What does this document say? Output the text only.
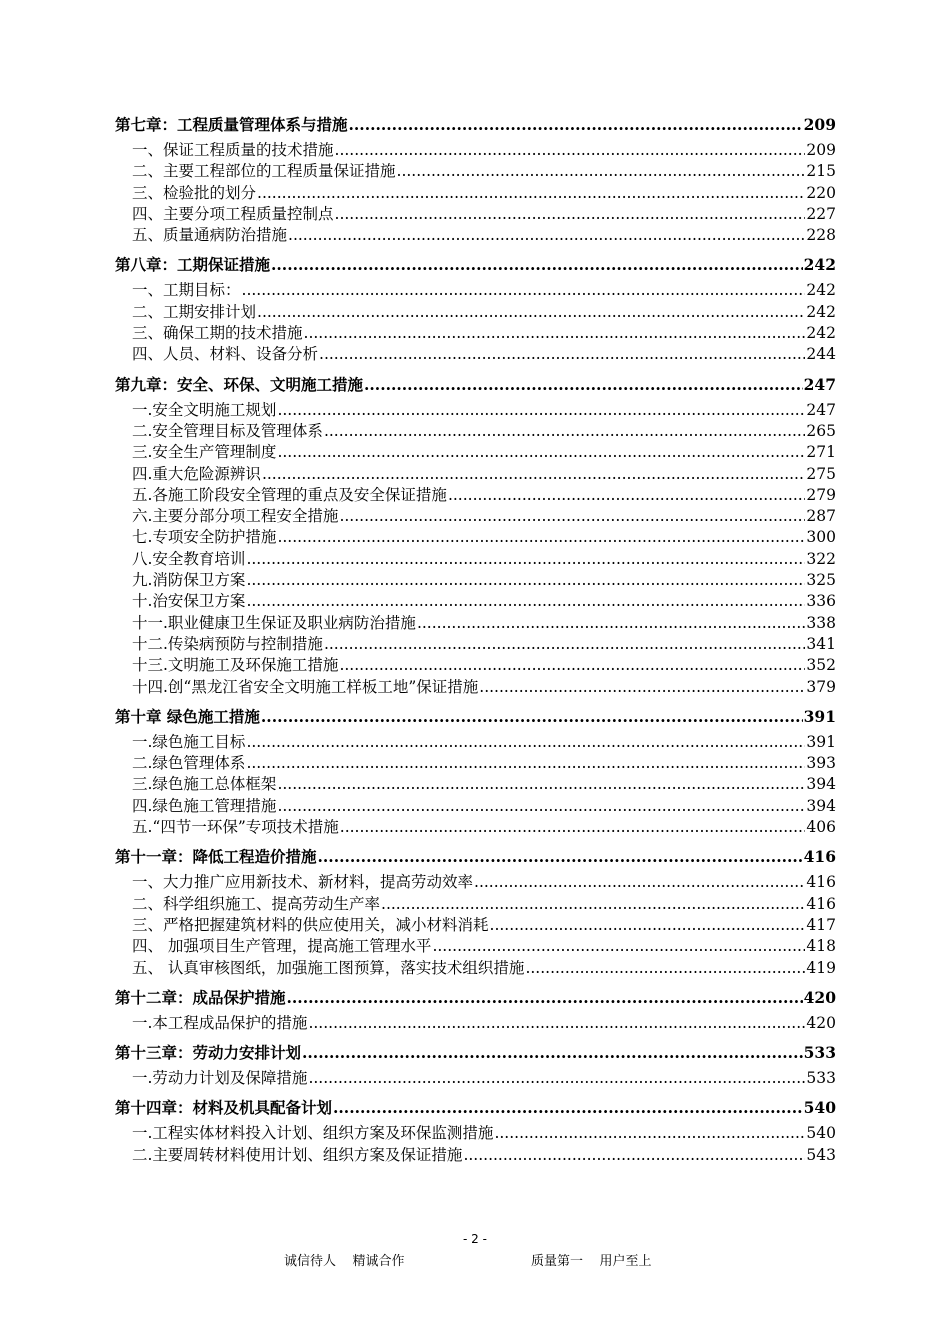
第七章：工程质量管理体系与措施 .....	209
一、保证工程质量的技术措施 .....	209
二、主要工程部位的工程质量保证措施 .....	215
三、检验批的划分 .....	220
四、主要分项工程质量控制点 .....	227
五、质量通病防治措施 .....	228
第八章：工期保证措施 .....	242
一、工期目标： .....	242
二、工期安排计划 .....	242
三、确保工期的技术措施 .....	242
四、人员、材料、设备分析 .....	244
第九章：安全、环保、文明施工措施 .....	247
一.安全文明施工规划 .....	247
二.安全管理目标及管理体系 .....	265
三.安全生产管理制度 .....	271
四.重大危险源辨识 .....	275
五.各施工阶段安全管理的重点及安全保证措施 .....	279
六.主要分部分项工程安全措施 .....	287
七.专项安全防护措施 .....	300
八.安全教育培训 .....	322
九.消防保卫方案 .....	325
十.治安保卫方案 .....	336
十一.职业健康卫生保证及职业病防治措施 .....	338
十二.传染病预防与控制措施 .....	341
十三.文明施工及环保施工措施 .....	352
十四.创“黑龙江省安全文明施工样板工地”保证措施 .....	379
第十章 绿色施工措施 .....	391
一.绿色施工目标 .....	391
二.绿色管理体系 .....	393
三.绿色施工总体框架 .....	394
四.绿色施工管理措施 .....	394
五.“四节一环保”专项技术措施 .....	406
第十一章：降低工程造价措施 .....	416
一、大力推广应用新技术、新材料，提高劳动效率 .....	416
二、科学组织施工、提高劳动生产率 .....	416
三、严格把握建筑材料的供应使用关，减小材料消耗 .....	417
四、 加强项目生产管理，提高施工管理水平 .....	418
五、 认真审核图纸，加强施工图预算，落实技术组织措施 .....	419
第十二章：成品保护措施 .....	420
一.本工程成品保护的措施 .....	420
第十三章：劳动力安排计划 .....	533
一.劳动力计划及保障措施 .....	533
第十四章：材料及机具配备计划 .....	540
一.工程实体材料投入计划、组织方案及环保监测措施 .....	540
二.主要周转材料使用计划、组织方案及保证措施 .....	543
- 2 -
诚信待人    精诚合作	质量第一    用户至上
